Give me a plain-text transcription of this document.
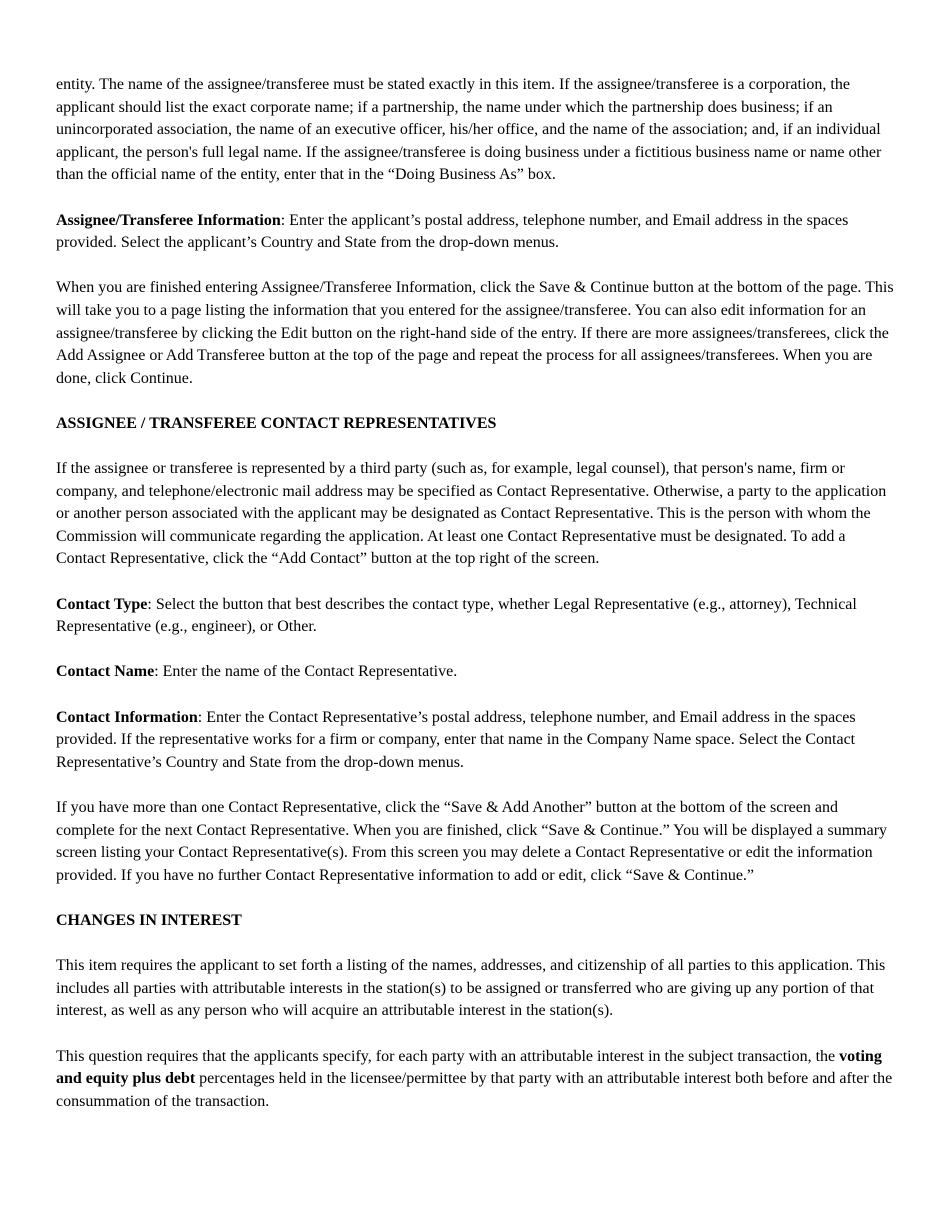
entity. The name of the assignee/transferee must be stated exactly in this item. If the assignee/transferee is a corporation, the applicant should list the exact corporate name; if a partnership, the name under which the partnership does business; if an unincorporated association, the name of an executive officer, his/her office, and the name of the association; and, if an individual applicant, the person's full legal name. If the assignee/transferee is doing business under a fictitious business name or name other than the official name of the entity, enter that in the “Doing Business As” box.

Assignee/Transferee Information: Enter the applicant’s postal address, telephone number, and Email address in the spaces provided. Select the applicant’s Country and State from the drop-down menus.

When you are finished entering Assignee/Transferee Information, click the Save & Continue button at the bottom of the page. This will take you to a page listing the information that you entered for the assignee/transferee. You can also edit information for an assignee/transferee by clicking the Edit button on the right-hand side of the entry. If there are more assignees/transferees, click the Add Assignee or Add Transferee button at the top of the page and repeat the process for all assignees/transferees. When you are done, click Continue.

ASSIGNEE / TRANSFEREE CONTACT REPRESENTATIVES

If the assignee or transferee is represented by a third party (such as, for example, legal counsel), that person's name, firm or company, and telephone/electronic mail address may be specified as Contact Representative. Otherwise, a party to the application or another person associated with the applicant may be designated as Contact Representative. This is the person with whom the Commission will communicate regarding the application. At least one Contact Representative must be designated. To add a Contact Representative, click the “Add Contact” button at the top right of the screen.

Contact Type: Select the button that best describes the contact type, whether Legal Representative (e.g., attorney), Technical Representative (e.g., engineer), or Other.

Contact Name: Enter the name of the Contact Representative.

Contact Information: Enter the Contact Representative’s postal address, telephone number, and Email address in the spaces provided. If the representative works for a firm or company, enter that name in the Company Name space. Select the Contact Representative’s Country and State from the drop-down menus.

If you have more than one Contact Representative, click the “Save & Add Another” button at the bottom of the screen and complete for the next Contact Representative. When you are finished, click “Save & Continue.” You will be displayed a summary screen listing your Contact Representative(s). From this screen you may delete a Contact Representative or edit the information provided. If you have no further Contact Representative information to add or edit, click “Save & Continue.”

CHANGES IN INTEREST

This item requires the applicant to set forth a listing of the names, addresses, and citizenship of all parties to this application. This includes all parties with attributable interests in the station(s) to be assigned or transferred who are giving up any portion of that interest, as well as any person who will acquire an attributable interest in the station(s).

This question requires that the applicants specify, for each party with an attributable interest in the subject transaction, the voting and equity plus debt percentages held in the licensee/permittee by that party with an attributable interest both before and after the consummation of the transaction.
